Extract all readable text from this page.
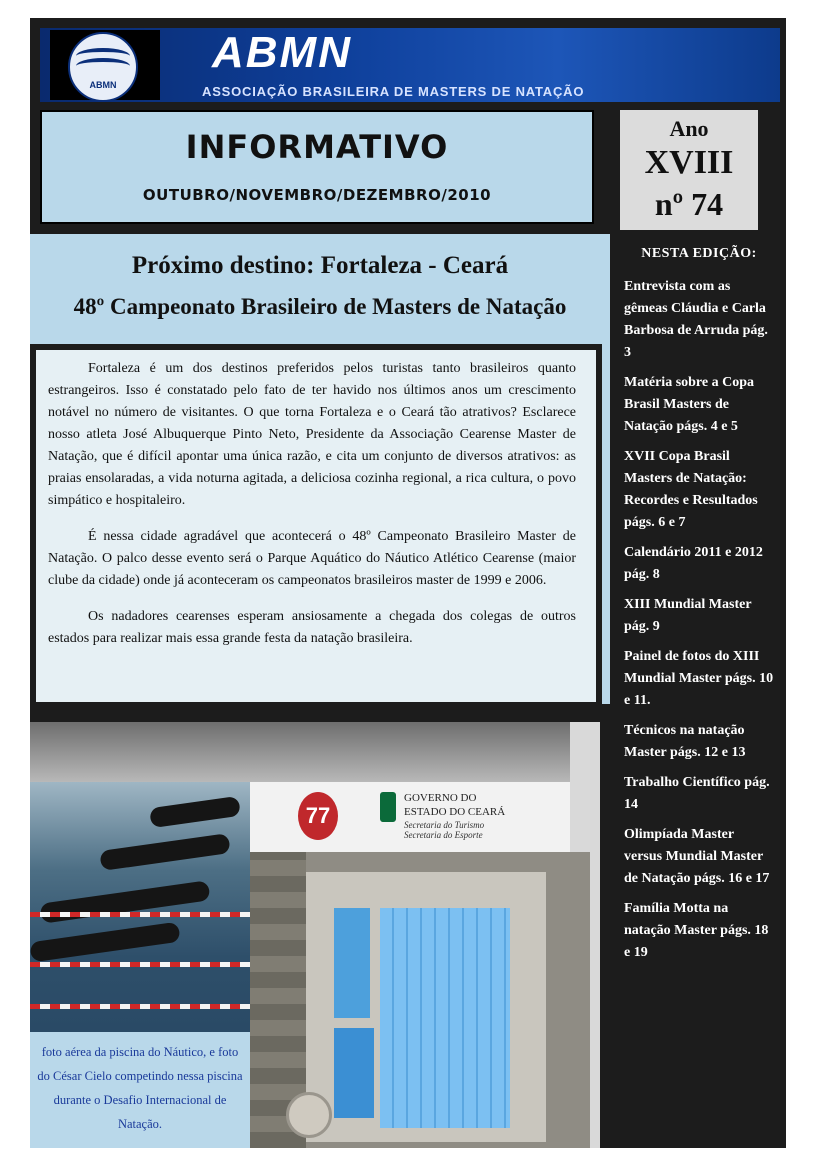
ABMN
ABMN
ASSOCIAÇÃO BRASILEIRA DE MASTERS DE NATAÇÃO
INFORMATIVO
OUTUBRO/NOVEMBRO/DEZEMBRO/2010
Ano
XVIII
nº 74
Próximo destino: Fortaleza - Ceará
48º Campeonato Brasileiro de Masters de Natação

Fortaleza é um dos destinos preferidos pelos turistas tanto brasileiros quanto estrangeiros. Isso é constatado pelo fato de ter havido nos últimos anos um crescimento notável no número de visitantes. O que torna Fortaleza e o Ceará tão atrativos? Esclarece nosso atleta José Albuquerque Pinto Neto, Presidente da Associação Cearense Master de Natação, que é difícil apontar uma única razão, e cita um conjunto de diversos atrativos: as praias ensolaradas, a vida noturna agitada, a deliciosa cozinha regional, a rica cultura, o povo simpático e hospitaleiro.

É nessa cidade agradável que acontecerá o 48º Campeonato Brasileiro Master de Natação. O palco desse evento será o Parque Aquático do Náutico Atlético Cearense (maior clube da cidade) onde já aconteceram os campeonatos brasileiros master de 1999 e 2006.

Os nadadores cearenses esperam ansiosamente a chegada dos colegas de outros estados para realizar mais essa grande festa da natação brasileira.

77
GOVERNO DO
ESTADO DO CEARÁ
Secretaria do Turismo
Secretaria do Esporte
foto aérea da piscina do Náutico, e foto do César Cielo competindo nessa piscina durante o Desafio Internacional de Natação.
NESTA EDIÇÃO:
Entrevista com as gêmeas Cláudia e Carla Barbosa de Arruda pág. 3
Matéria sobre a Copa Brasil Masters de Natação págs. 4 e 5
XVII Copa Brasil Masters de Natação: Recordes e Resultados págs. 6 e 7
Calendário 2011 e 2012 pág. 8
XIII Mundial Master pág. 9
Painel de fotos do XIII Mundial Master págs. 10 e 11.
Técnicos na natação Master págs. 12 e 13
Trabalho Científico pág. 14
Olimpíada Master versus Mundial Master de Natação págs. 16 e 17
Família Motta na natação Master págs. 18 e 19
